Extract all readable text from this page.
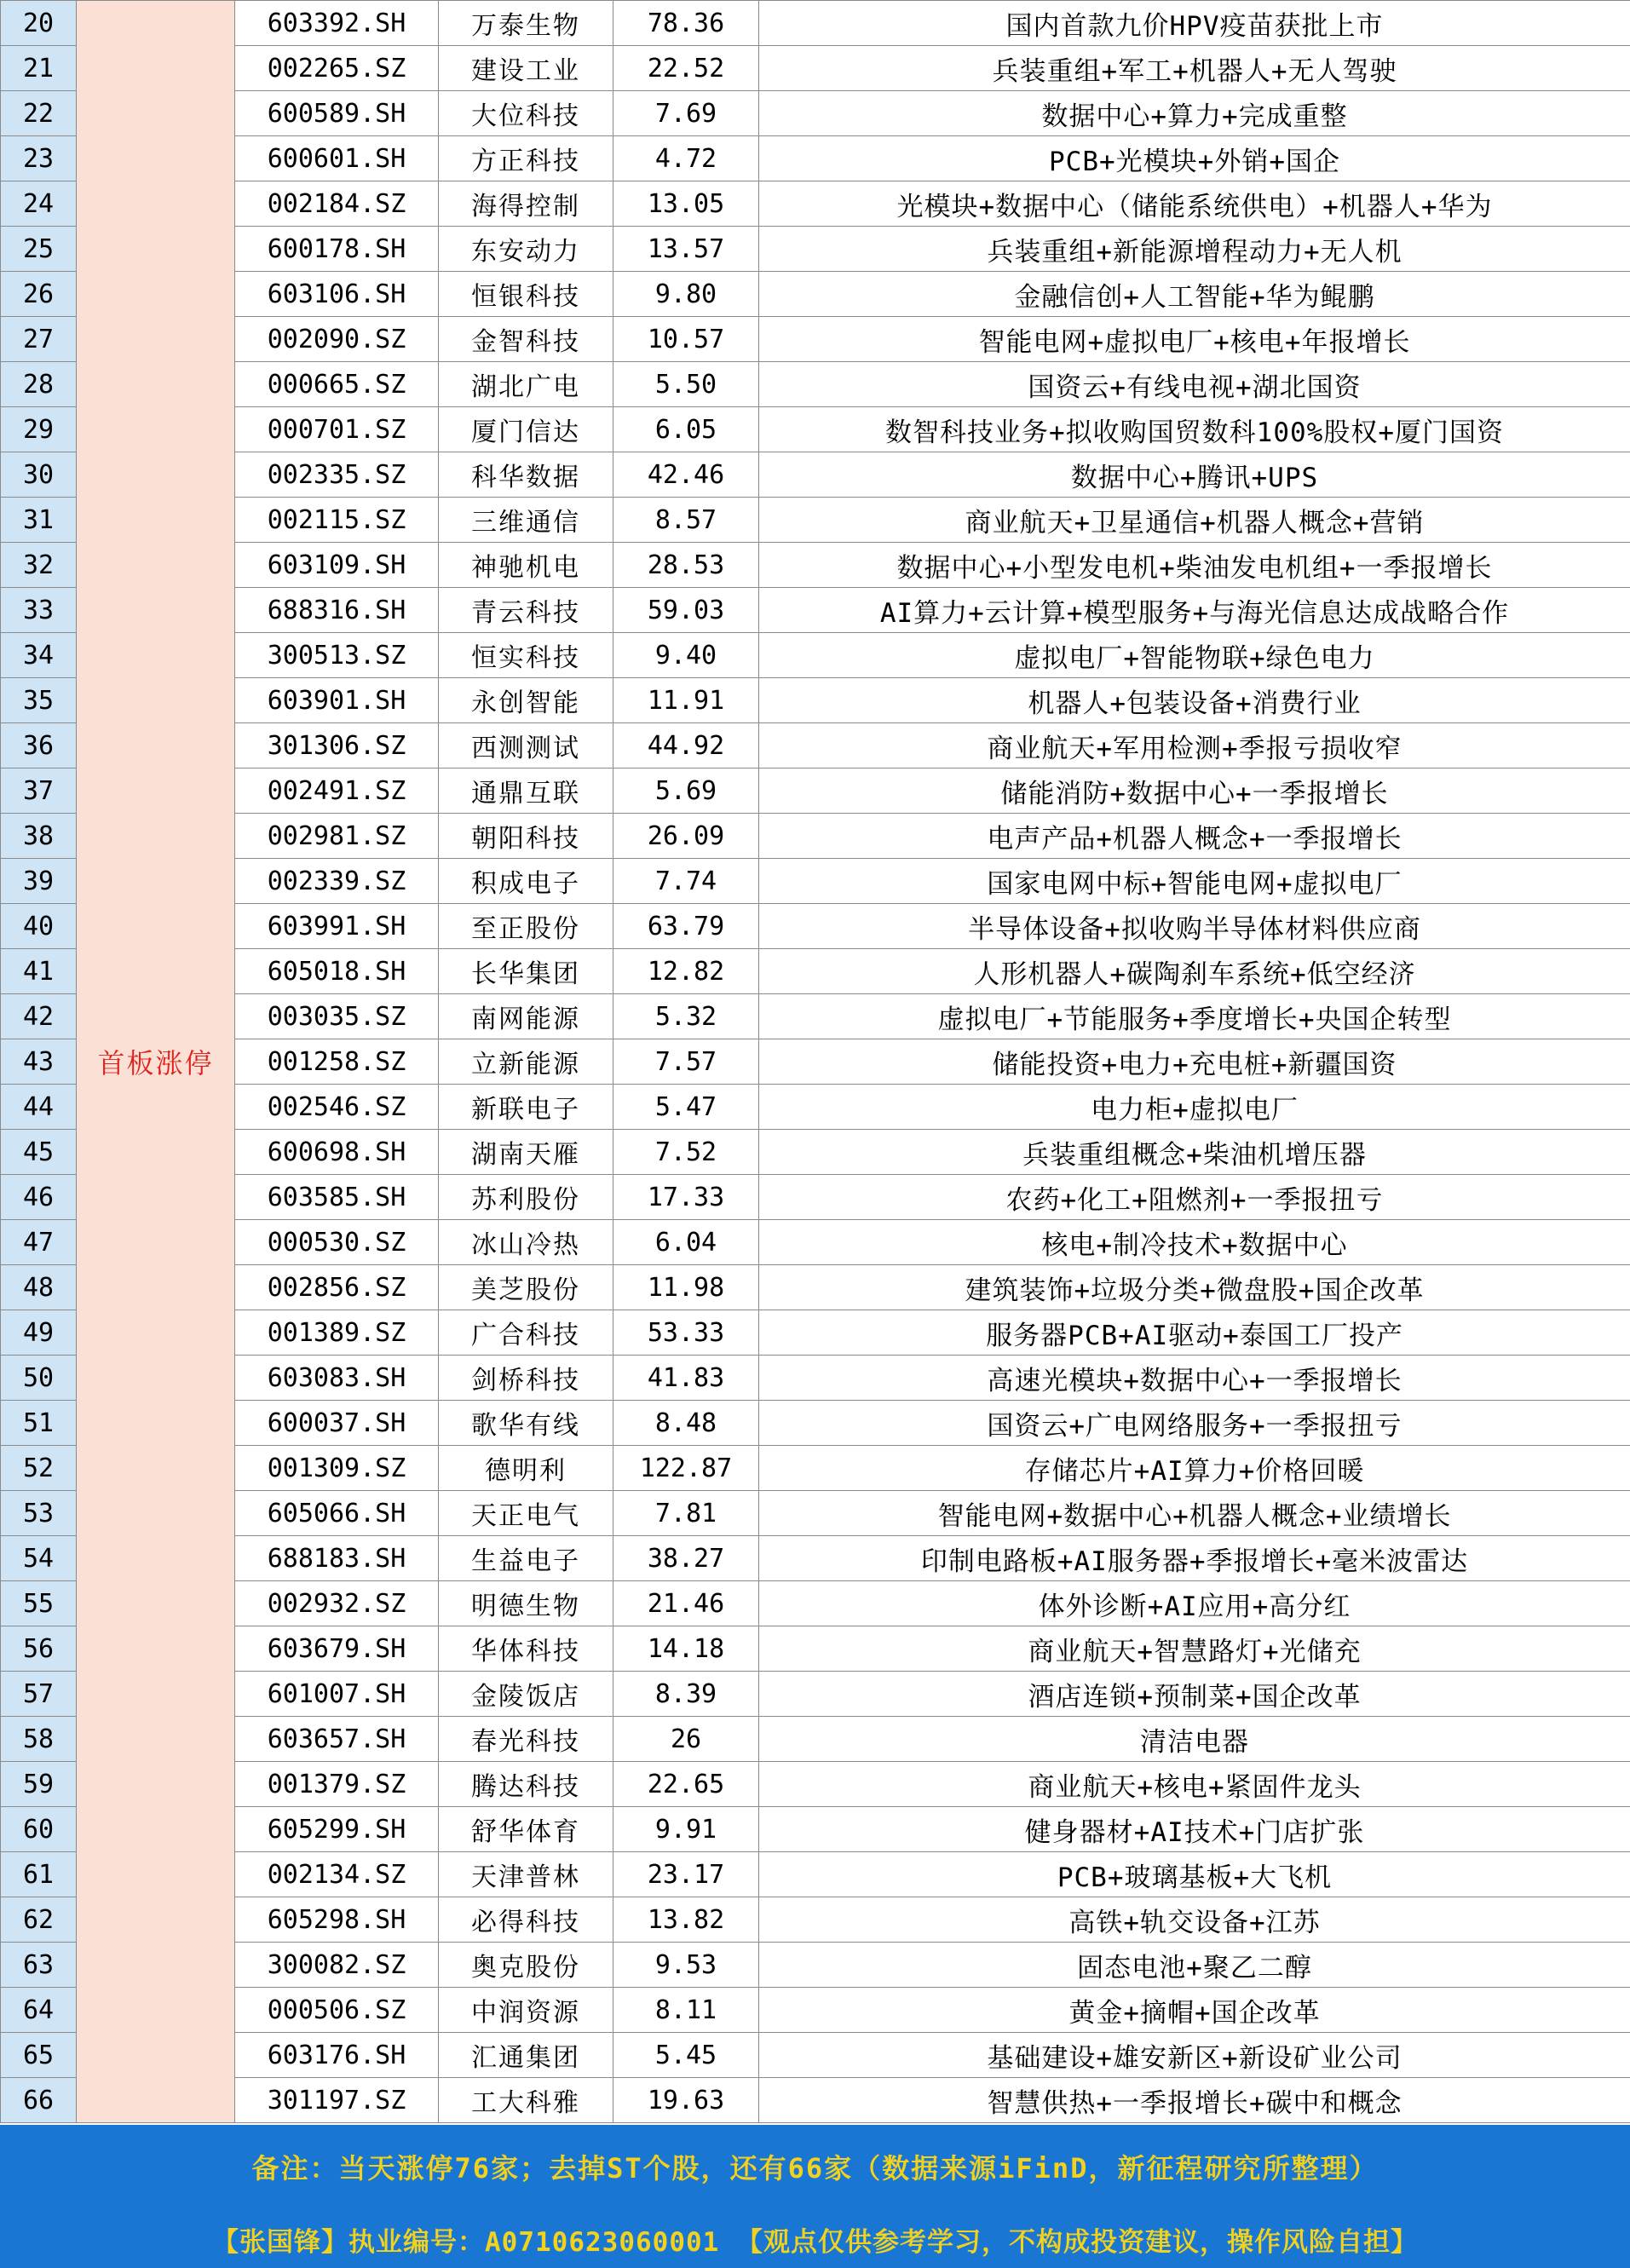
20	首板涨停	603392.SH	万泰生物	78.36	国内首款九价HPV疫苗获批上市
21		002265.SZ	建设工业	22.52	兵装重组+军工+机器人+无人驾驶
22		600589.SH	大位科技	7.69	数据中心+算力+完成重整
23		600601.SH	方正科技	4.72	PCB+光模块+外销+国企
24		002184.SZ	海得控制	13.05	光模块+数据中心（储能系统供电）+机器人+华为
25		600178.SH	东安动力	13.57	兵装重组+新能源增程动力+无人机
26		603106.SH	恒银科技	9.80	金融信创+人工智能+华为鲲鹏
27		002090.SZ	金智科技	10.57	智能电网+虚拟电厂+核电+年报增长
28		000665.SZ	湖北广电	5.50	国资云+有线电视+湖北国资
29		000701.SZ	厦门信达	6.05	数智科技业务+拟收购国贸数科100%股权+厦门国资
30		002335.SZ	科华数据	42.46	数据中心+腾讯+UPS
31		002115.SZ	三维通信	8.57	商业航天+卫星通信+机器人概念+营销
32		603109.SH	神驰机电	28.53	数据中心+小型发电机+柴油发电机组+一季报增长
33		688316.SH	青云科技	59.03	AI算力+云计算+模型服务+与海光信息达成战略合作
34		300513.SZ	恒实科技	9.40	虚拟电厂+智能物联+绿色电力
35		603901.SH	永创智能	11.91	机器人+包装设备+消费行业
36		301306.SZ	西测测试	44.92	商业航天+军用检测+季报亏损收窄
37		002491.SZ	通鼎互联	5.69	储能消防+数据中心+一季报增长
38		002981.SZ	朝阳科技	26.09	电声产品+机器人概念+一季报增长
39		002339.SZ	积成电子	7.74	国家电网中标+智能电网+虚拟电厂
40		603991.SH	至正股份	63.79	半导体设备+拟收购半导体材料供应商
41		605018.SH	长华集团	12.82	人形机器人+碳陶刹车系统+低空经济
42		003035.SZ	南网能源	5.32	虚拟电厂+节能服务+季度增长+央国企转型
43		001258.SZ	立新能源	7.57	储能投资+电力+充电桩+新疆国资
44		002546.SZ	新联电子	5.47	电力柜+虚拟电厂
45		600698.SH	湖南天雁	7.52	兵装重组概念+柴油机增压器
46		603585.SH	苏利股份	17.33	农药+化工+阻燃剂+一季报扭亏
47		000530.SZ	冰山冷热	6.04	核电+制冷技术+数据中心
48		002856.SZ	美芝股份	11.98	建筑装饰+垃圾分类+微盘股+国企改革
49		001389.SZ	广合科技	53.33	服务器PCB+AI驱动+泰国工厂投产
50		603083.SH	剑桥科技	41.83	高速光模块+数据中心+一季报增长
51		600037.SH	歌华有线	8.48	国资云+广电网络服务+一季报扭亏
52		001309.SZ	德明利	122.87	存储芯片+AI算力+价格回暖
53		605066.SH	天正电气	7.81	智能电网+数据中心+机器人概念+业绩增长
54		688183.SH	生益电子	38.27	印制电路板+AI服务器+季报增长+毫米波雷达
55		002932.SZ	明德生物	21.46	体外诊断+AI应用+高分红
56		603679.SH	华体科技	14.18	商业航天+智慧路灯+光储充
57		601007.SH	金陵饭店	8.39	酒店连锁+预制菜+国企改革
58		603657.SH	春光科技	26	清洁电器
59		001379.SZ	腾达科技	22.65	商业航天+核电+紧固件龙头
60		605299.SH	舒华体育	9.91	健身器材+AI技术+门店扩张
61		002134.SZ	天津普林	23.17	PCB+玻璃基板+大飞机
62		605298.SH	必得科技	13.82	高铁+轨交设备+江苏
63		300082.SZ	奥克股份	9.53	固态电池+聚乙二醇
64		000506.SZ	中润资源	8.11	黄金+摘帽+国企改革
65		603176.SH	汇通集团	5.45	基础建设+雄安新区+新设矿业公司
66		301197.SZ	工大科雅	19.63	智慧供热+一季报增长+碳中和概念
备注：当天涨停76家；去掉ST个股，还有66家（数据来源iFinD，新征程研究所整理）
【张国锋】执业编号：A0710623060001 【观点仅供参考学习，不构成投资建议，操作风险自担】
